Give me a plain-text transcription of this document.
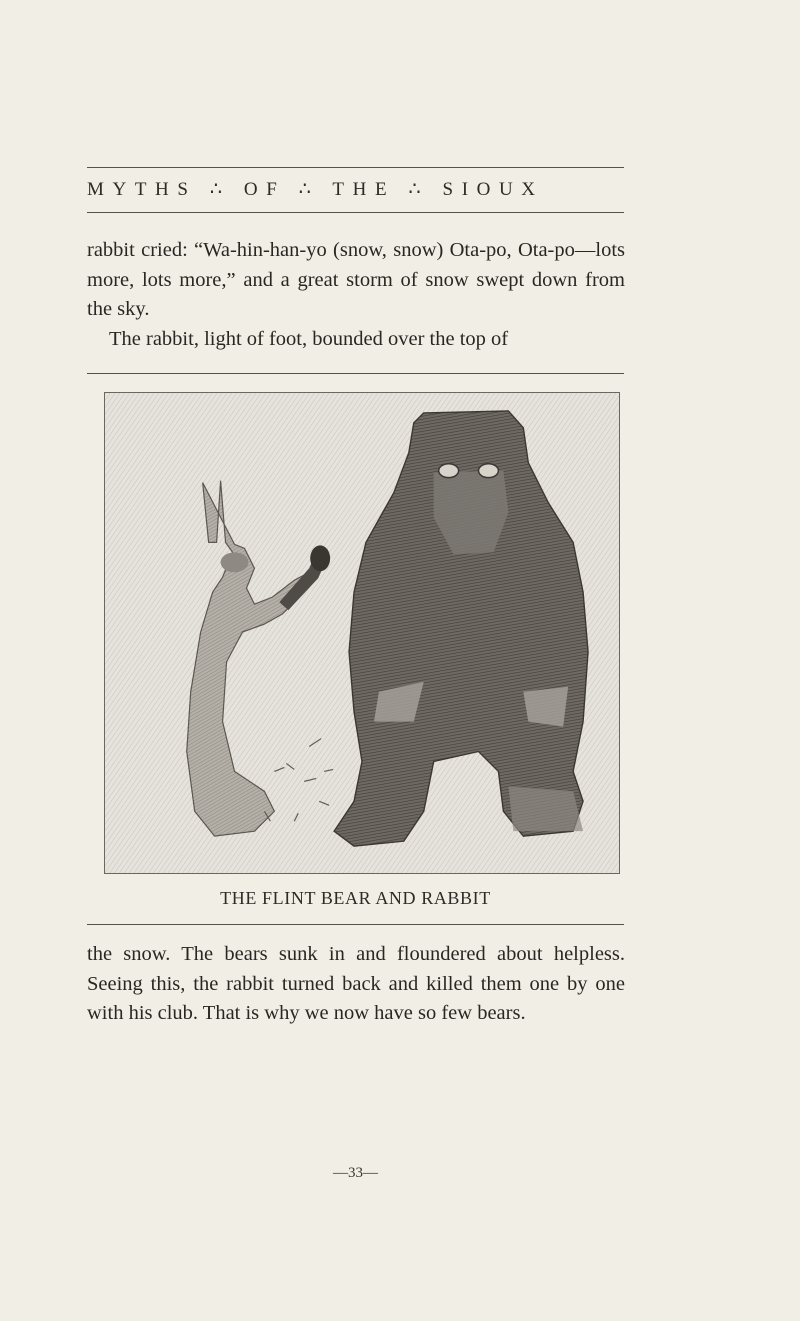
MYTHS ∴ OF ∴ THE ∴ SIOUX

rabbit cried: “Wa-hin-han-yo (snow, snow) Ota-po, Ota-po—lots more, lots more,” and a great storm of snow swept down from the sky.

The rabbit, light of foot, bounded over the top of

THE FLINT BEAR AND RABBIT

the snow. The bears sunk in and floundered about helpless. Seeing this, the rabbit turned back and killed them one by one with his club. That is why we now have so few bears.

—33—
